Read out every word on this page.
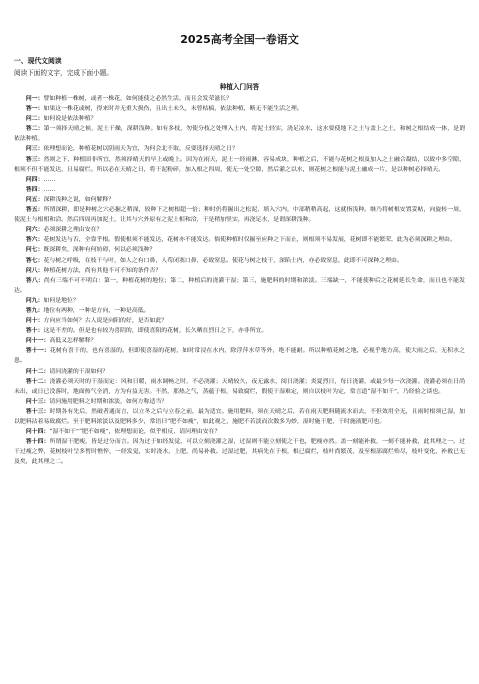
2025高考全国一卷语文
一、现代文阅读
阅读下面的文字，完成下面小题。
种植入门问答

问一：譬如种植一株树，或者一株花，如何能使之必然生活，而且会发荣滋长？

答一：如果这一株花或树，得来时并无重大损伤，且出土未久，未曾枯槁，依法种植，断无不能生活之理。

问二：如何说是依法种植？

答二：第一须择天晴之候，泥土干燥，深耕浅种。如有多枝，勿使分枝之处埋入土内，将泥土轻实，浇足凉水，这水要使地下之土与盖上之土，和树之根结成一体，是谓依法种植。

问三：依理想而论，种植花树以阴雨天为宜，为何会北不取，反要选择天晴之日？

答三：然则之下，种植固非所宜，然须择晴天的早上或晚上。因为在雨天，泥土一经雨淋，容易成块，种植之后，不能与花树之根及加入之土融合凝结，以致中多空隙，根须不但不能发达，且易腐烂。所以必在天晴之日，将干泥粉碎，加入根之四周，使无一处空隙，然后灌之以水，则花树之根能与泥土融成一片，是以种树必择晴天。

问四：……

答四：……

问五：深耕浅种之说，如何解释？

答五：所谓深耕，即是种树之穴必掘之稍深，较种下之树根超一倍；种时仍将掘出之松泥，填入穴内，中部稍稍高起，这就指浅种。继乃将树根安置妥帖，向旋转一周，使泥土与根相和洽。然后四周再加泥土，让其与穴外原有之泥土相和洽，于是稍加竖实，再浇足水，是谓深耕浅种。

问六：必须深耕之理由安在？

答六：花树发达与否，全靠乎根。假使根须不能发达，花树亦不能发达。倘使种植时仅掘至应种之下而止，则根须不易发展，花树即不能繁荣，此为必须深耕之理由。

问七：既深耕矣，深种有何妨碍，何以必须浅种？

答七：花与树之呼吸，在枝干与叶，如人之有口鼻，人苟闭塞口鼻，必致窒息。使花与树之枝干，深陷土内，亦必致窒息，此即不可深种之理由。

问八：种植花树方法，尚有其他不可不知的条件否？

答八：尚有三端不可不明白：第一，种植花树的地位；第二，种植后的浇灌干湿；第三，施肥料的时期和浓淡。三端缺一，不能使种后之花树延长生命，而且也不能发达。

问九：如何是地位？

答九：地位有两种，一种是方向，一种是高低。

问十：方向应当如何？古人说是向阳的好，是否如此？

答十：这是不差的。但是也有较为喜阴的，即使喜阳的花树，长久晒在烈日之下，亦非所宜。

问十一：高低又怎样解释？

答十一：花树有喜干的，也有喜湿的。但即使喜湿的花树，如时常浸在水内，除浮萍水草等外，绝不能耐。所以种植花树之地，必视乎地方高，使大雨之后，无积水之患。

问十二：请问浇灌的干湿如何？

答十二：浇灌必须天时的干湿而定：风和日暖，雨水调畅之时，不必浇灌；天晴较久，夜无露水，阅日浇灌；炎夏烈日，每日浇灌，或最少每一次浇灌。浇灌必须在日尚未出，或日已没落时，地面热气全消，方为有益无害。不然，那热之气，蒸蕴于根，易致腐烂，假使干湿难定，则自以枝叶为定，常言道“湿不如干”，乃经验之谈也。

问十三：请问施用肥料之时期和浓淡，如何方称适当？

答十三：时期各有先后，然破者通而言，以立冬之后与立春之前，最为适宜。施用肥料，须在天晴之后，若在雨天肥料随流水而去，不但效用全无，且雨时根须已湿，加以肥料沾着易致腐烂。至于肥料浓淡以及肥料多少，常语曰“肥不如瘦”，如此观之，施肥不若淡而次数多为妙，湿时施干肥，干时施液肥可也。

问十四：“湿不如干”“肥不如瘦”，依理想而论，似乎相反，请问理由安在？

答十四：所谓湿干肥瘦，皆是过分而言。因为过于如经发觉，可以立刻浇灌之湿，过湿则不能立刻使之干也，肥瘦亦然。盖一刻能补救，一刻不能补救，此其理之一。过干过瘦之弊，花树枝叶呈多暂时憔悴，一经发觉，实时浇水，上肥，尚易补救。过湿过肥，其病先在于根，根已腐烂，枝叶尚繁茂，及至根部腐烂殆尽，枝叶变化，补救已无及矣，此其理之二。
